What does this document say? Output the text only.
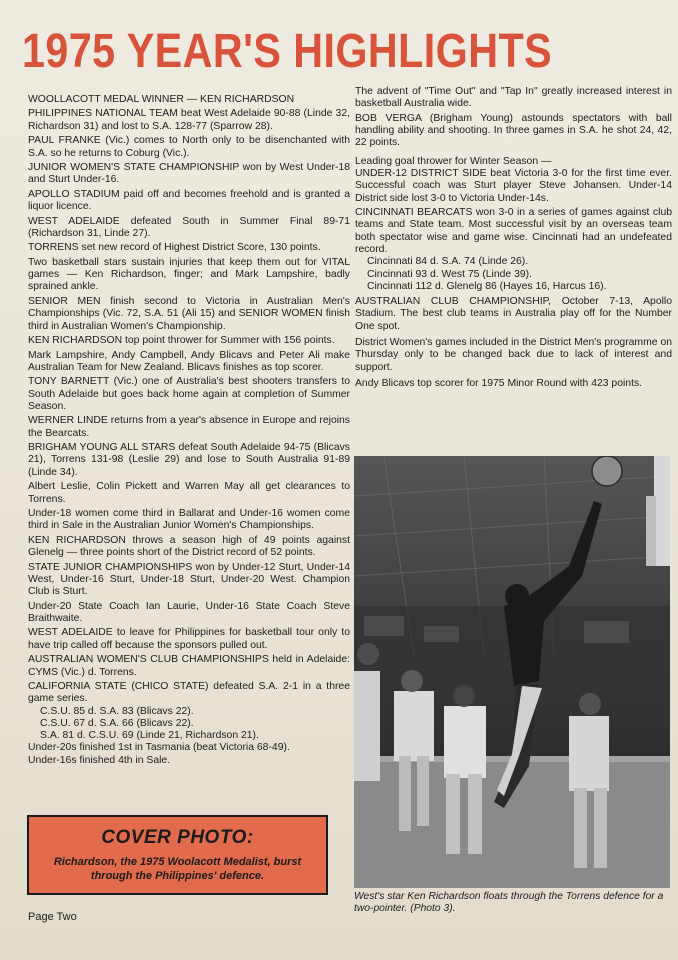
1975 YEAR'S HIGHLIGHTS

WOOLLACOTT MEDAL WINNER — KEN RICHARDSON

PHILIPPINES NATIONAL TEAM beat West Adelaide 90-88 (Linde 32, Richardson 31) and lost to S.A. 128-77 (Sparrow 28).

PAUL FRANKE (Vic.) comes to North only to be disenchanted with S.A. so he returns to Coburg (Vic.).

JUNIOR WOMEN'S STATE CHAMPIONSHIP won by West Under-18 and Sturt Under-16.

APOLLO STADIUM paid off and becomes freehold and is granted a liquor licence.

WEST ADELAIDE defeated South in Summer Final 89-71 (Richardson 31, Linde 27).

TORRENS set new record of Highest District Score, 130 points.

Two basketball stars sustain injuries that keep them out for VITAL games — Ken Richardson, finger; and Mark Lampshire, badly sprained ankle.

SENIOR MEN finish second to Victoria in Australian Men's Championships (Vic. 72, S.A. 51 (Ali 15) and SENIOR WOMEN finish third in Australian Women's Championship.

KEN RICHARDSON top point thrower for Summer with 156 points.

Mark Lampshire, Andy Campbell, Andy Blicavs and Peter Ali make Australian Team for New Zealand. Blicavs finishes as top scorer.

TONY BARNETT (Vic.) one of Australia's best shooters transfers to South Adelaide but goes back home again at completion of Summer Season.

WERNER LINDE returns from a year's absence in Europe and rejoins the Bearcats.

BRIGHAM YOUNG ALL STARS defeat South Adelaide 94-75 (Blicavs 21), Torrens 131-98 (Leslie 29) and lose to South Australia 91-89 (Linde 34).

Albert Leslie, Colin Pickett and Warren May all get clearances to Torrens.

Under-18 women come third in Ballarat and Under-16 women come third in Sale in the Australian Junior Women's Championships.

KEN RICHARDSON throws a season high of 49 points against Glenelg — three points short of the District record of 52 points.

STATE JUNIOR CHAMPIONSHIPS won by Under-12 Sturt, Under-14 West, Under-16 Sturt, Under-18 Sturt, Under-20 West. Champion Club is Sturt.

Under-20 State Coach Ian Laurie, Under-16 State Coach Steve Braithwaite.

WEST ADELAIDE to leave for Philippines for basketball tour only to have trip called off because the sponsors pulled out.

AUSTRALIAN WOMEN'S CLUB CHAMPIONSHIPS held in Adelaide: CYMS (Vic.) d. Torrens.

CALIFORNIA STATE (CHICO STATE) defeated S.A. 2-1 in a three game series.

C.S.U. 85 d. S.A. 83 (Blicavs 22).

C.S.U. 67 d. S.A. 66 (Blicavs 22).

S.A. 81 d. C.S.U. 69 (Linde 21, Richardson 21).

Under-20s finished 1st in Tasmania (beat Victoria 68-49).

Under-16s finished 4th in Sale.

The advent of "Time Out" and "Tap In" greatly increased interest in basketball Australia wide.

BOB VERGA (Brigham Young) astounds spectators with ball handling ability and shooting. In three games in S.A. he shot 24, 42, 22 points.

Leading goal thrower for Winter Season —

UNDER-12 DISTRICT SIDE beat Victoria 3-0 for the first time ever. Successful coach was Sturt player Steve Johansen. Under-14 District side lost 3-0 to Victoria Under-14s.

CINCINNATI BEARCATS won 3-0 in a series of games against club teams and State team. Most successful visit by an overseas team both spectator wise and game wise. Cincinnati had an undefeated record.

Cincinnati 84 d. S.A. 74 (Linde 26).

Cincinnati 93 d. West 75 (Linde 39).

Cincinnati 112 d. Glenelg 86 (Hayes 16, Harcus 16).

AUSTRALIAN CLUB CHAMPIONSHIP, October 7-13, Apollo Stadium. The best club teams in Australia play off for the Number One spot.

District Women's games included in the District Men's programme on Thursday only to be changed back due to lack of interest and support.

Andy Blicavs top scorer for 1975 Minor Round with 423 points.

West's star Ken Richardson floats through the Torrens defence for a two-pointer. (Photo 3).
COVER PHOTO:
Richardson, the 1975 Woolacott Medalist, burst through the Philippines' defence.
Page Two
